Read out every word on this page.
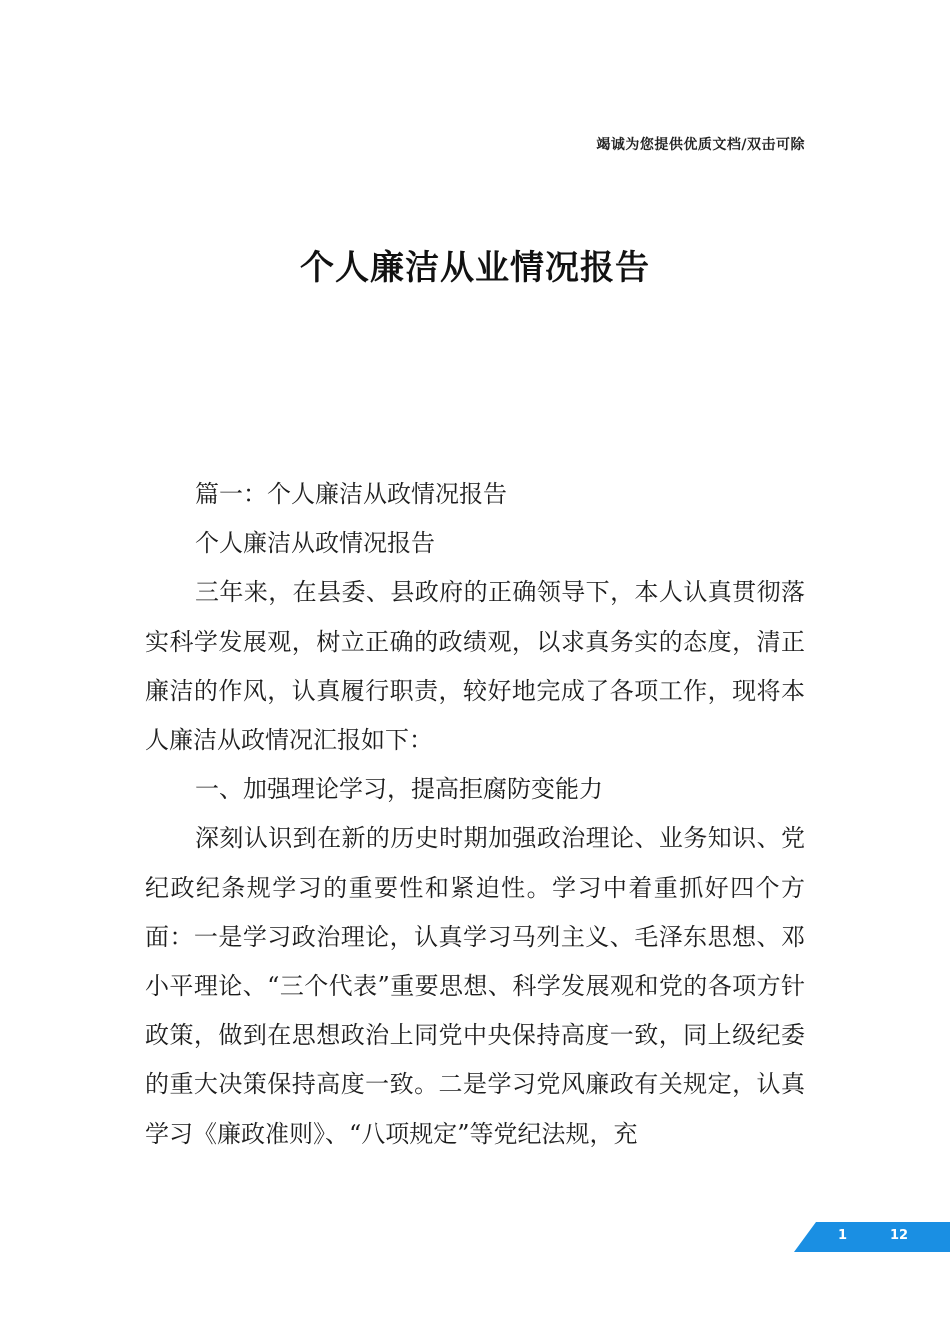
竭诚为您提供优质文档/双击可除
个人廉洁从业情况报告

篇一：个人廉洁从政情况报告

个人廉洁从政情况报告

三年来，在县委、县政府的正确领导下，本人认真贯彻落实科学发展观，树立正确的政绩观，以求真务实的态度，清正廉洁的作风，认真履行职责，较好地完成了各项工作，现将本人廉洁从政情况汇报如下：

一、加强理论学习，提高拒腐防变能力

深刻认识到在新的历史时期加强政治理论、业务知识、党纪政纪条规学习的重要性和紧迫性。学习中着重抓好四个方面：一是学习政治理论，认真学习马列主义、毛泽东思想、邓小平理论、“三个代表”重要思想、科学发展观和党的各项方针政策，做到在思想政治上同党中央保持高度一致，同上级纪委的重大决策保持高度一致。二是学习党风廉政有关规定，认真学习《廉政准则》、“八项规定”等党纪法规，充

1	12
